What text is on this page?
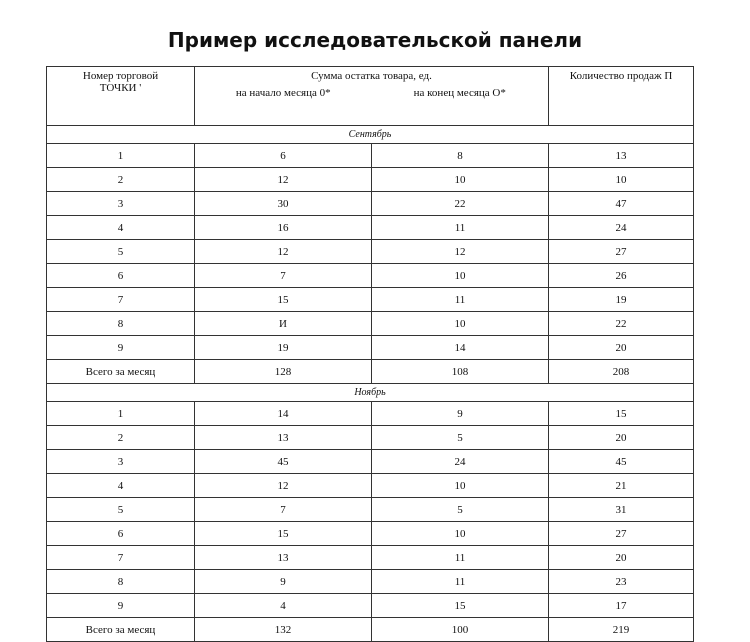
Пример исследовательской панели
Номер торговой
ТОЧКИ '	Сумма остатка товара, ед.		Количество продаж П
	на начало месяца 0*	на конец месяца О*	
Сентябрь			
1	6	8	13
2	12	10	10
3	30	22	47
4	16	11	24
5	12	12	27
6	7	10	26
7	15	11	19
8	И	10	22
9	19	14	20
Всего за месяц	128	108	208
Ноябрь			
1	14	9	15
2	13	5	20
3	45	24	45
4	12	10	21
5	7	5	31
6	15	10	27
7	13	11	20
8	9	11	23
9	4	15	17
Всего за месяц	132	100	219
